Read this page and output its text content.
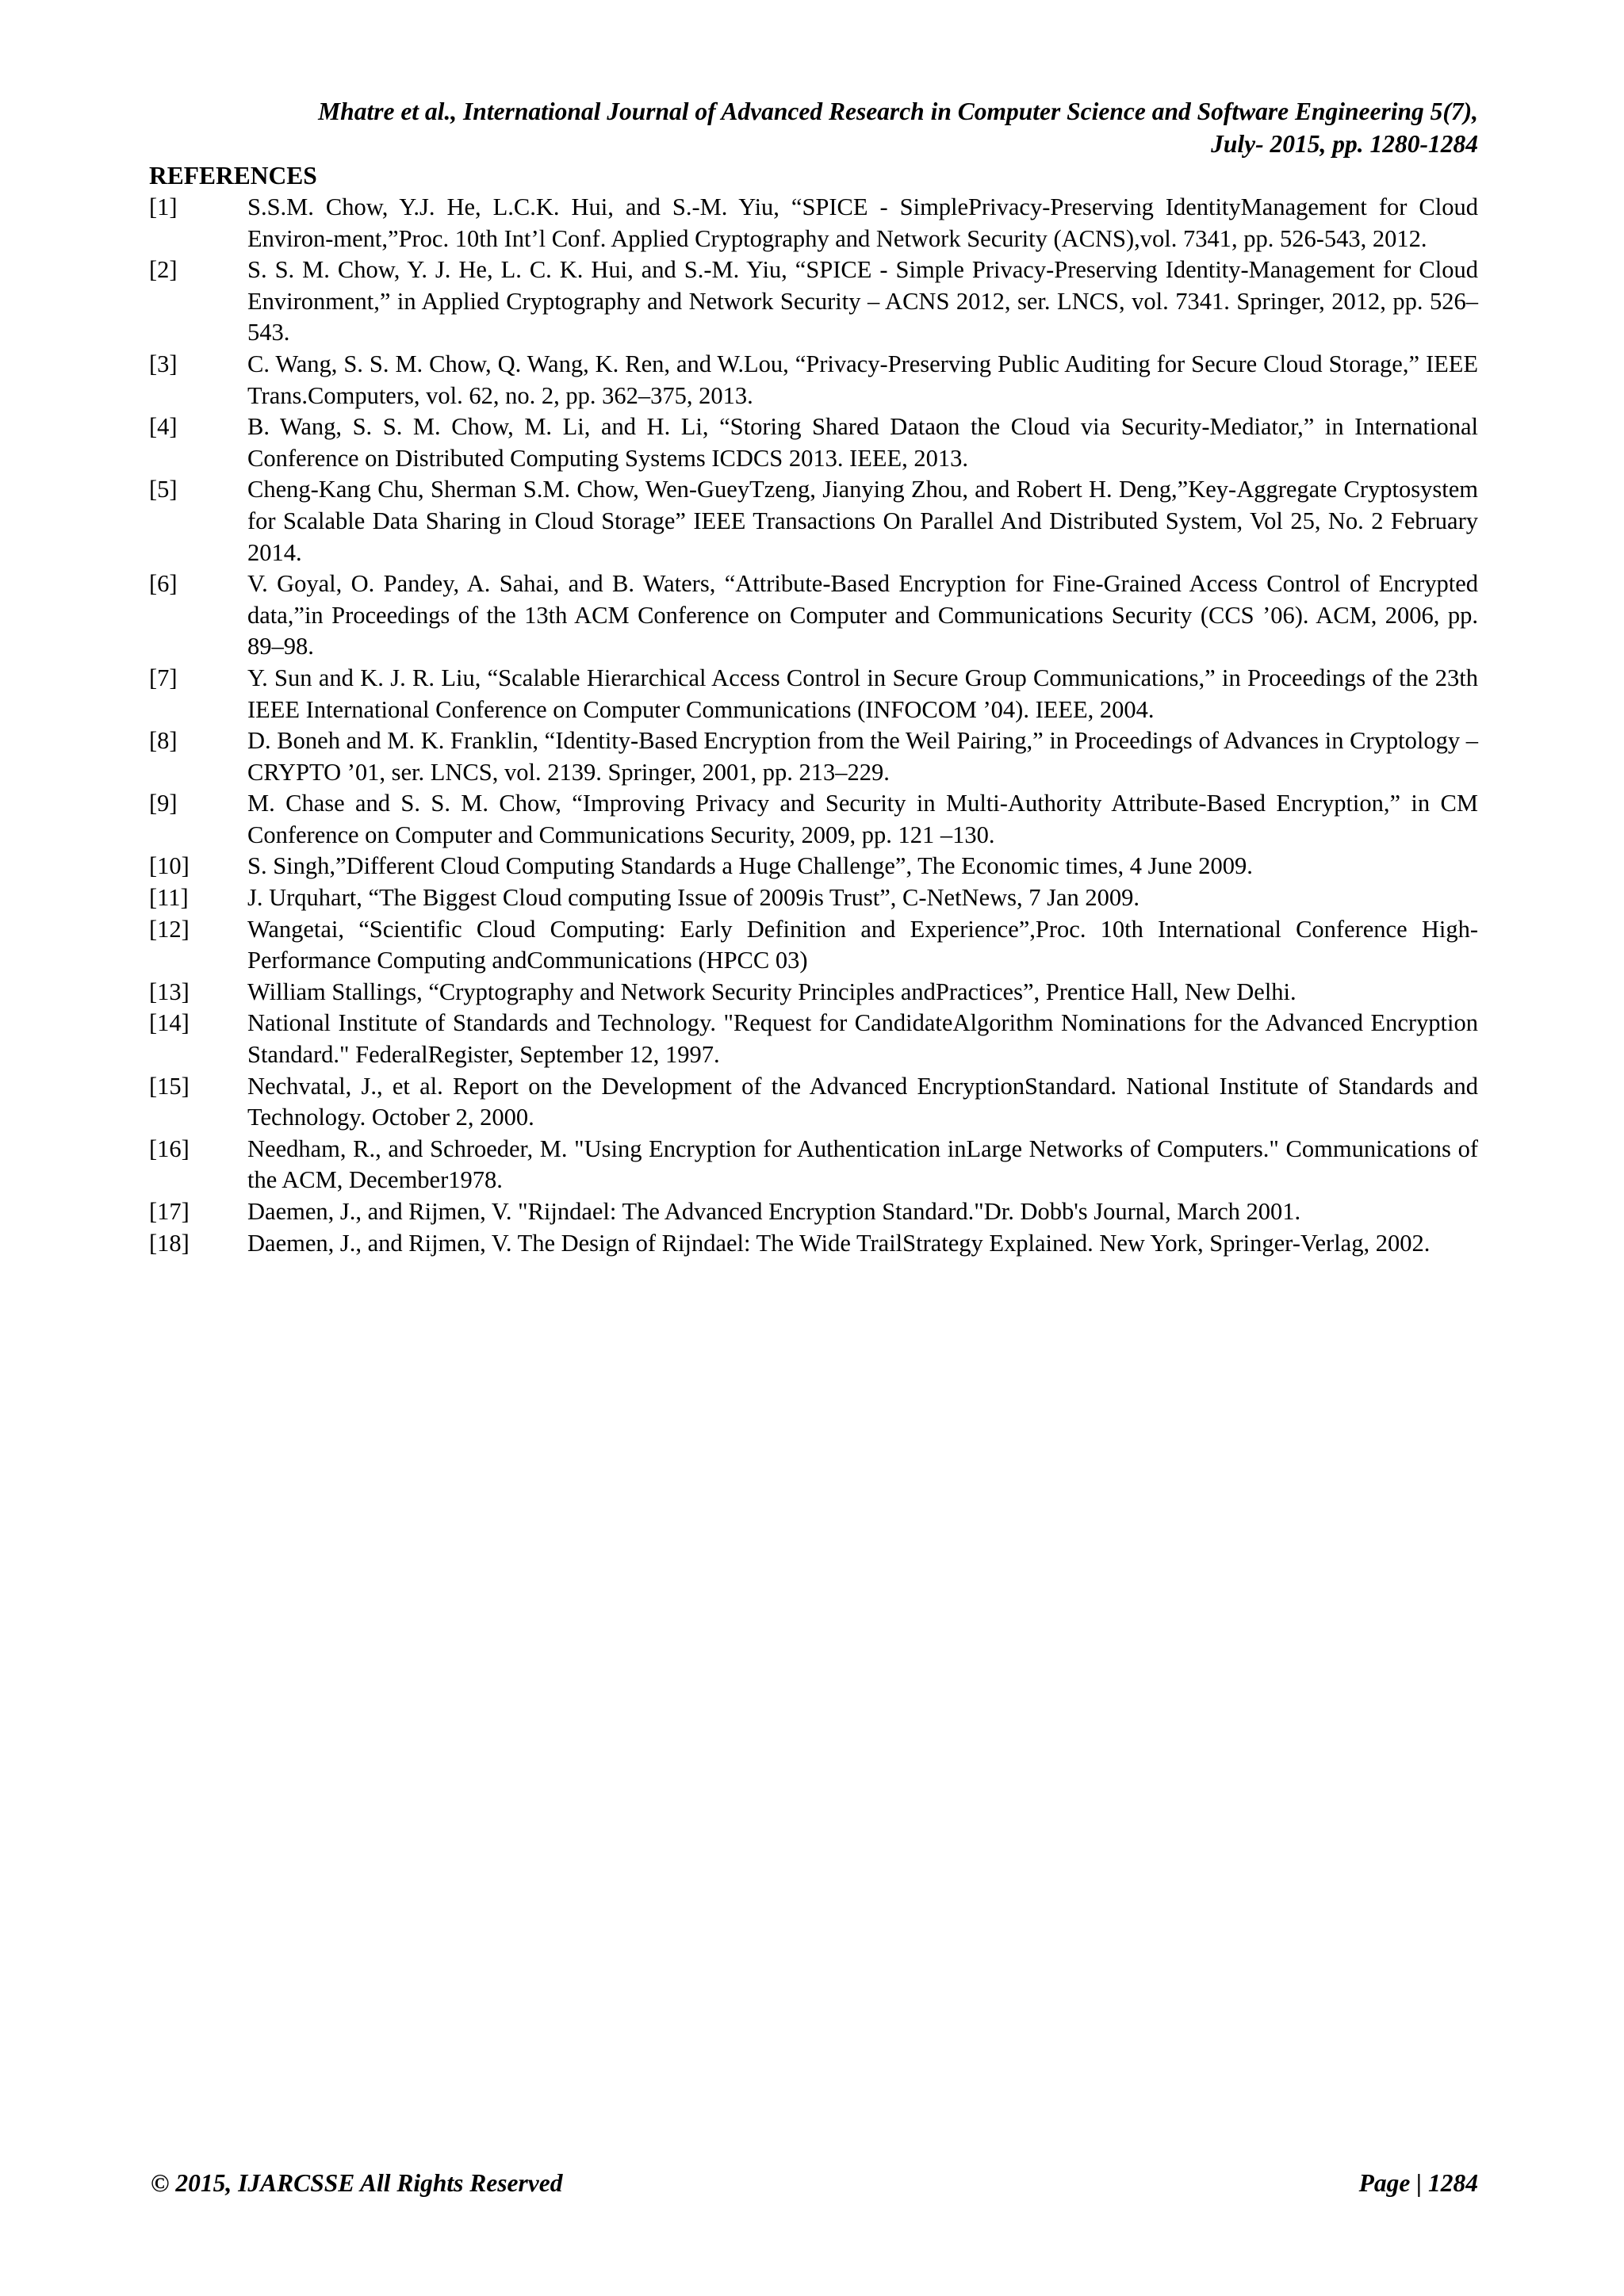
Mhatre et al., International Journal of Advanced Research in Computer Science and Software Engineering 5(7),
July- 2015, pp. 1280-1284
REFERENCES
[1]	S.S.M. Chow, Y.J. He, L.C.K. Hui, and S.-M. Yiu, “SPICE - SimplePrivacy-Preserving IdentityManagement for Cloud Environ-ment,”Proc. 10th Int’l Conf. Applied Cryptography and Network Security (ACNS),vol. 7341, pp. 526-543, 2012.
[2]	S. S. M. Chow, Y. J. He, L. C. K. Hui, and S.-M. Yiu, “SPICE - Simple Privacy-Preserving Identity-Management for Cloud Environment,” in Applied Cryptography and Network Security – ACNS 2012, ser. LNCS, vol. 7341. Springer, 2012, pp. 526–543.
[3]	C. Wang, S. S. M. Chow, Q. Wang, K. Ren, and W.Lou, “Privacy-Preserving Public Auditing for Secure Cloud Storage,” IEEE Trans.Computers, vol. 62, no. 2, pp. 362–375, 2013.
[4]	B. Wang, S. S. M. Chow, M. Li, and H. Li, “Storing Shared Dataon the Cloud via Security-Mediator,” in International Conference on Distributed Computing Systems ICDCS 2013. IEEE, 2013.
[5]	Cheng-Kang Chu, Sherman S.M. Chow, Wen-GueyTzeng, Jianying Zhou, and Robert H. Deng,”Key-Aggregate Cryptosystem for Scalable Data Sharing in Cloud Storage” IEEE Transactions On Parallel And Distributed System, Vol 25, No. 2 February 2014.
[6]	V. Goyal, O. Pandey, A. Sahai, and B. Waters, “Attribute-Based Encryption for Fine-Grained Access Control of Encrypted data,”in Proceedings of the 13th ACM Conference on Computer and Communications Security (CCS ’06). ACM, 2006, pp. 89–98.
[7]	Y. Sun and K. J. R. Liu, “Scalable Hierarchical Access Control in Secure Group Communications,” in Proceedings of the 23th IEEE International Conference on Computer Communications (INFOCOM ’04). IEEE, 2004.
[8]	D. Boneh and M. K. Franklin, “Identity-Based Encryption from the Weil Pairing,” in Proceedings of Advances in Cryptology – CRYPTO ’01, ser. LNCS, vol. 2139. Springer, 2001, pp. 213–229.
[9]	M. Chase and S. S. M. Chow, “Improving Privacy and Security in Multi-Authority Attribute-Based Encryption,” in CM Conference on Computer and Communications Security, 2009, pp. 121 –130.
[10]	S. Singh,”Different Cloud Computing Standards a Huge Challenge”, The Economic times, 4 June 2009.
[11]	J. Urquhart, “The Biggest Cloud computing Issue of 2009is Trust”, C-NetNews, 7 Jan 2009.
[12]	Wangetai, “Scientific Cloud Computing: Early Definition and Experience”,Proc. 10th International Conference High-Performance Computing andCommunications (HPCC 03)
[13]	William Stallings, “Cryptography and Network Security Principles andPractices”, Prentice Hall, New Delhi.
[14]	National Institute of Standards and Technology. "Request for CandidateAlgorithm Nominations for the Advanced Encryption Standard." FederalRegister, September 12, 1997.
[15]	Nechvatal, J., et al. Report on the Development of the Advanced EncryptionStandard. National Institute of Standards and Technology. October 2, 2000.
[16]	Needham, R., and Schroeder, M. "Using Encryption for Authentication inLarge Networks of Computers." Communications of the ACM, December1978.
[17]	Daemen, J., and Rijmen, V. "Rijndael: The Advanced Encryption Standard."Dr. Dobb's Journal, March 2001.
[18]	Daemen, J., and Rijmen, V. The Design of Rijndael: The Wide TrailStrategy Explained. New York, Springer-Verlag, 2002.
© 2015, IJARCSSE All Rights Reserved	Page | 1284
